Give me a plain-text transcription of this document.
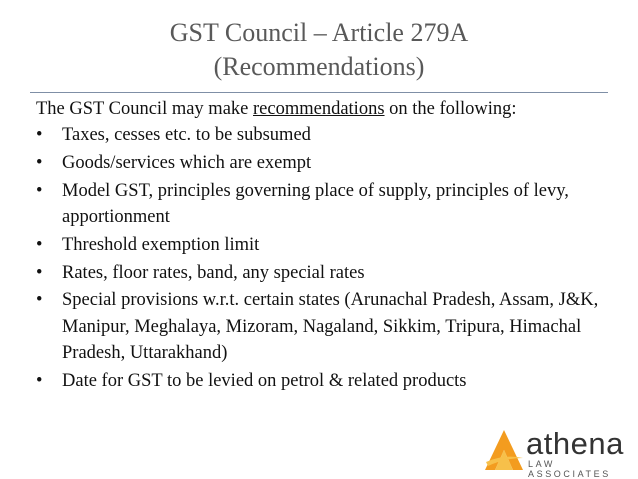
GST Council – Article 279A
(Recommendations)

The GST Council may make recommendations on the following:

• Taxes, cesses etc. to be subsumed
• Goods/services which are exempt
• Model GST, principles governing place of supply, principles of levy, apportionment
• Threshold exemption limit
• Rates, floor rates, band, any special rates
• Special provisions w.r.t. certain states (Arunachal Pradesh, Assam, J&K, Manipur, Meghalaya, Mizoram, Nagaland, Sikkim, Tripura, Himachal Pradesh, Uttarakhand)
• Date for GST to be levied on petrol & related products
athena
LAW ASSOCIATES
